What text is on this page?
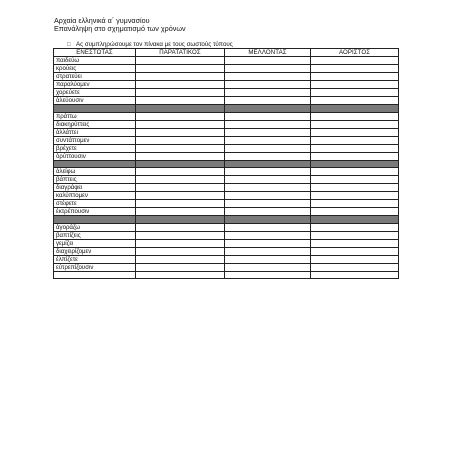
Αρχαία ελληνικά α΄ γυμνασίου
Επανάληψη στο σχηματισμό των χρόνων
□ Ας συμπληρώσουμε τον πίνακα με τους σωστούς τύπους
ΕΝΕΣΤΩΤΑΣ	ΠΑΡΑΤΑΤΙΚΟΣ	ΜΕΛΛΟΝΤΑΣ	ΑΟΡΙΣΤΟΣ
παιδεύω			
κρούεις			
στρατεύει			
παραλύομεν			
χορεύετε			
ἀλεύουσιν			

πράττω			
διακηρύττεις			
ἀλλάττει			
συντάττομεν			
βρέχετε			
ὀρύττουσιν			

ἀλείφω			
βάπτεις			
διαγράφει			
καλύπτομεν			
στέφετε			
ἐκτρέπουσιν			

ἀγοράζω			
βαπτίζεις			
γεμίζει			
διαχειρίζομεν			
ἐλπίζετε			
εὐτρεπίζουσιν			
